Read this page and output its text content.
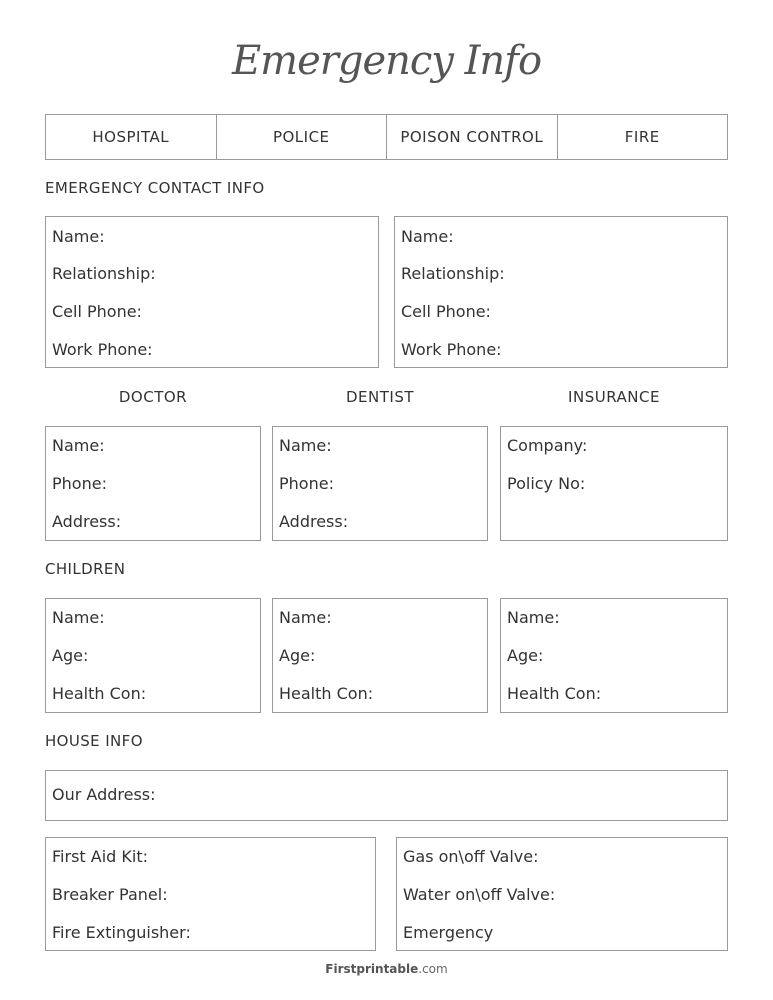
Emergency Info
HOSPITAL	POLICE	POISON CONTROL	FIRE
EMERGENCY CONTACT INFO
Name:
Relationship:
Cell Phone:
Work Phone:
Name:
Relationship:
Cell Phone:
Work Phone:
DOCTOR	DENTIST	INSURANCE
Name:
Phone:
Address:
Name:
Phone:
Address:
Company:
Policy No:
CHILDREN
Name:
Age:
Health Con:
Name:
Age:
Health Con:
Name:
Age:
Health Con:
HOUSE INFO
Our Address:
First Aid Kit:
Breaker Panel:
Fire Extinguisher:
Gas on\off Valve:
Water on\off Valve:
Emergency
Firstprintable.com
